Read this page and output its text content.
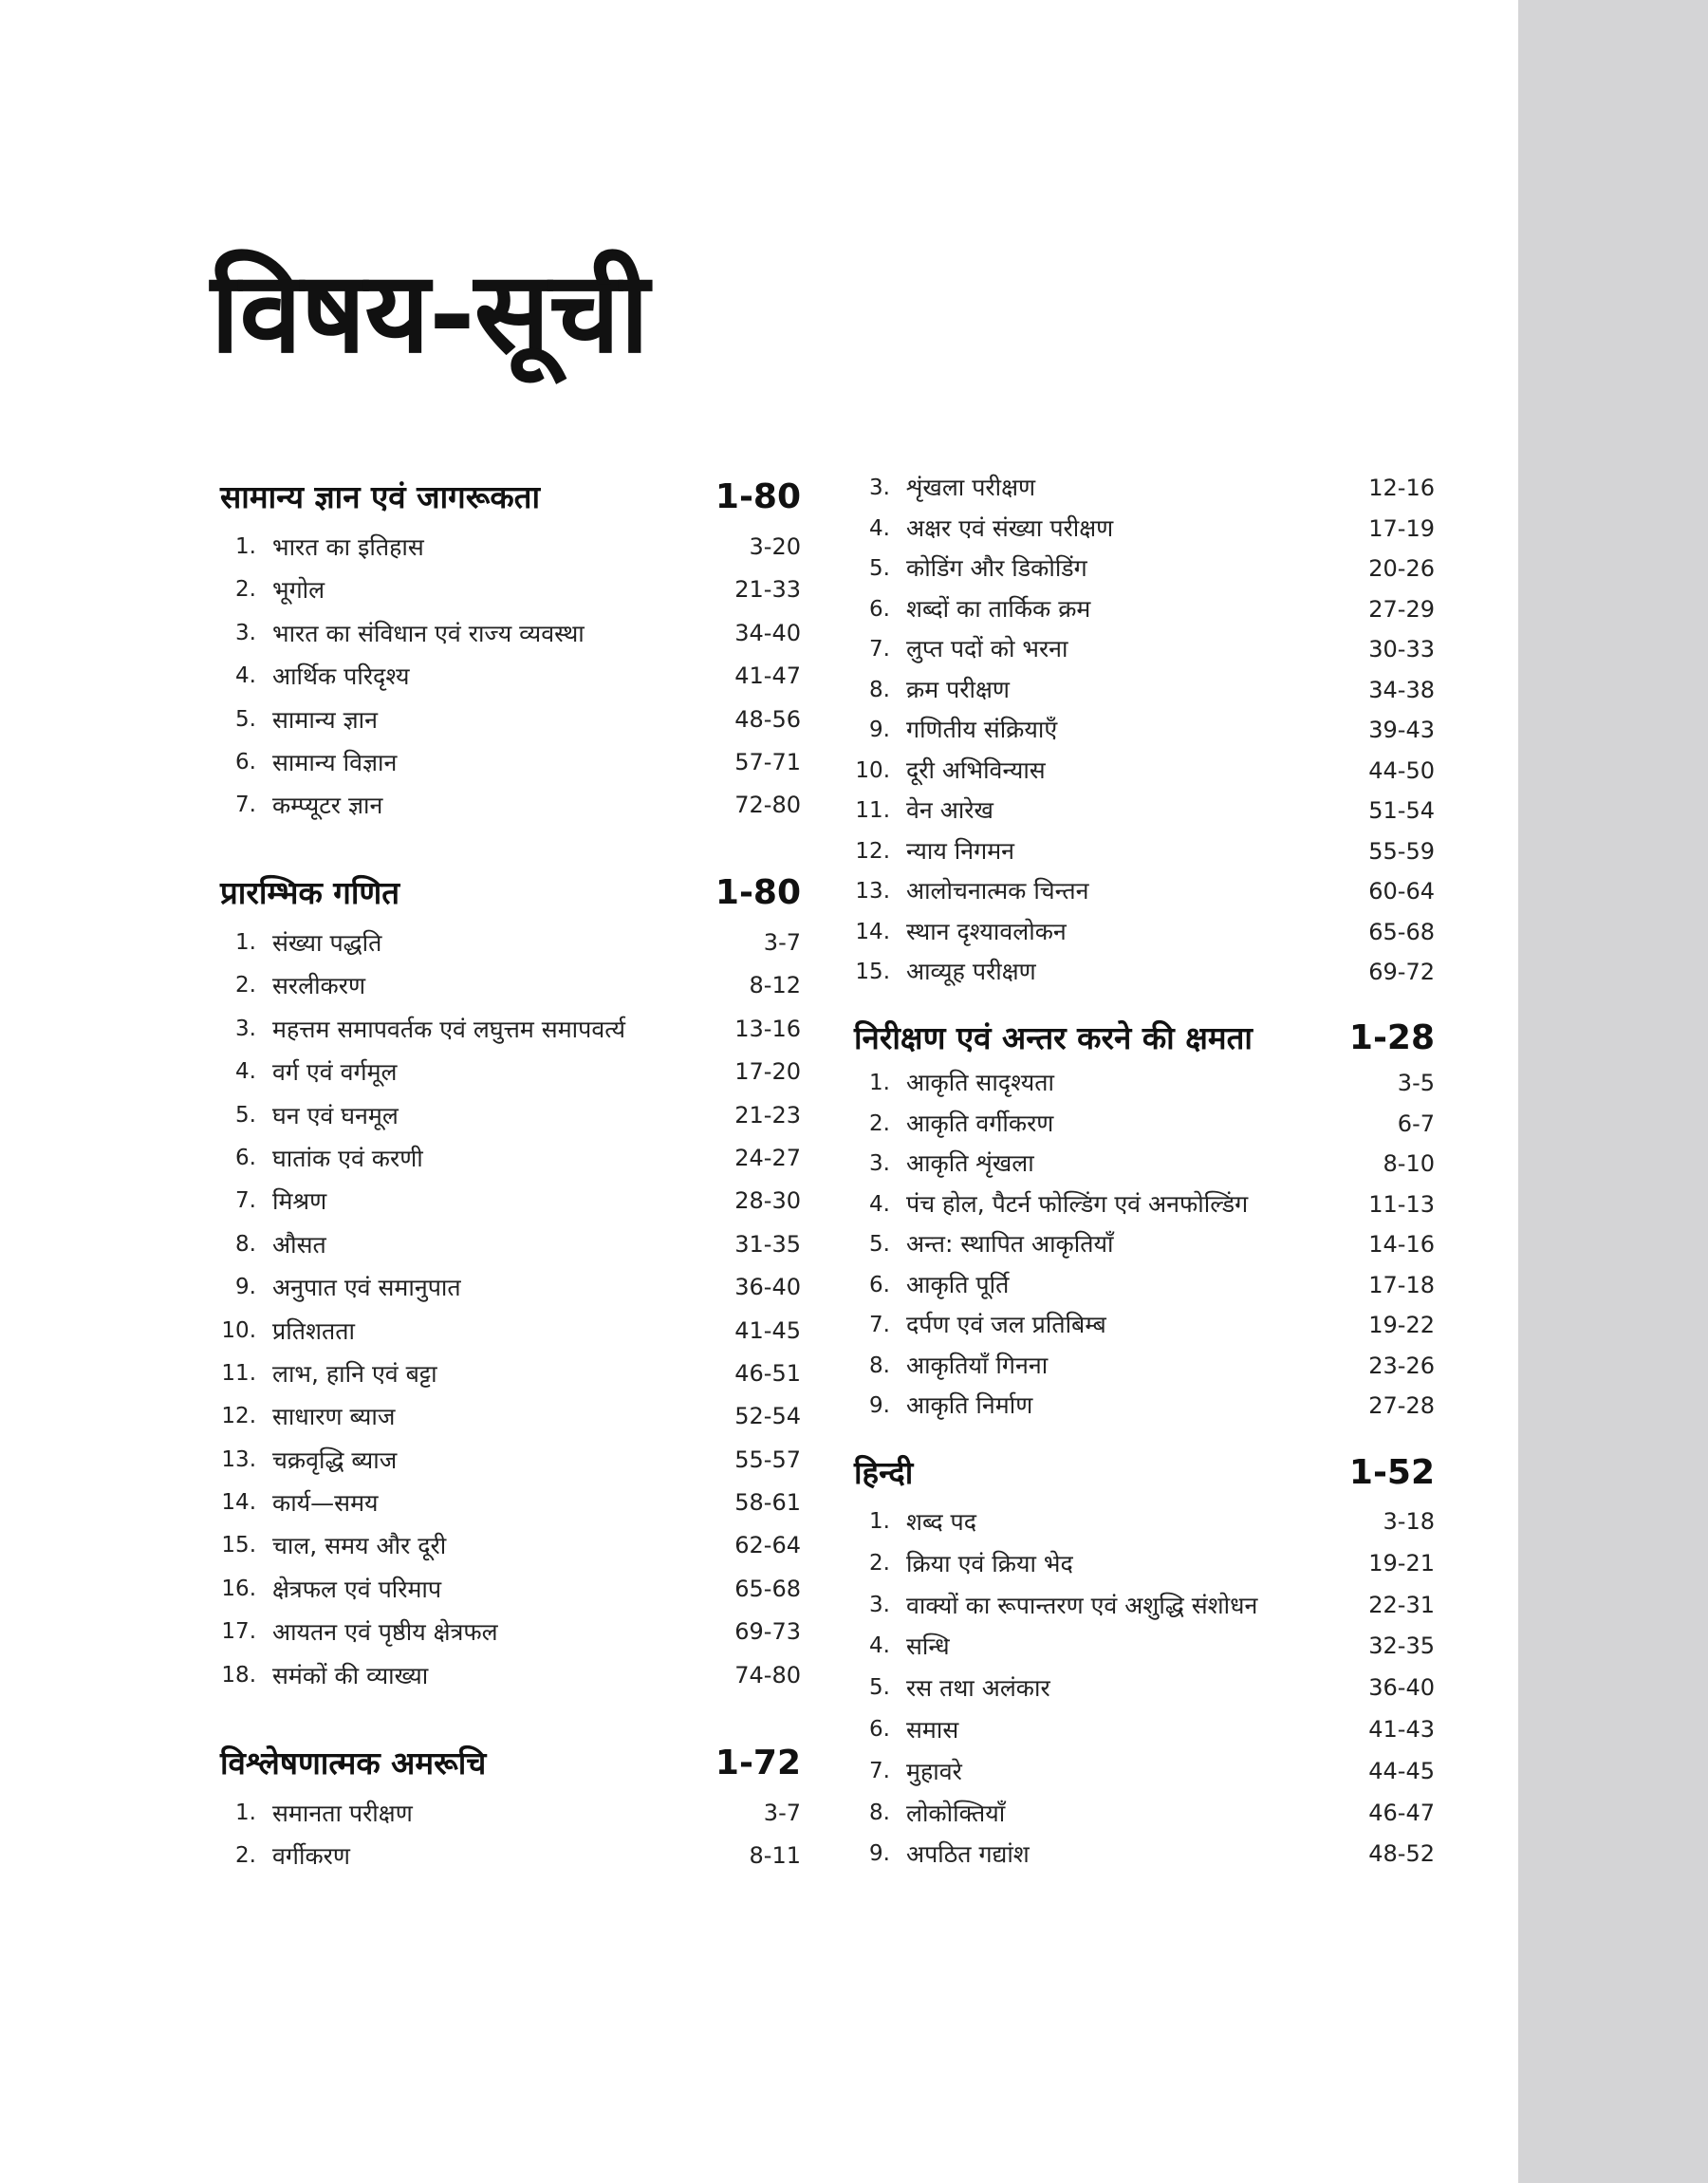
विषय-सूची
सामान्य ज्ञान एवं जागरूकता	1-80
1. भारत का इतिहास	3-20
2. भूगोल	21-33
3. भारत का संविधान एवं राज्य व्यवस्था	34-40
4. आर्थिक परिदृश्य	41-47
5. सामान्य ज्ञान	48-56
6. सामान्य विज्ञान	57-71
7. कम्प्यूटर ज्ञान	72-80
प्रारम्भिक गणित	1-80
1. संख्या पद्धति	3-7
2. सरलीकरण	8-12
3. महत्तम समापवर्तक एवं लघुत्तम समापवर्त्य	13-16
4. वर्ग एवं वर्गमूल	17-20
5. घन एवं घनमूल	21-23
6. घातांक एवं करणी	24-27
7. मिश्रण	28-30
8. औसत	31-35
9. अनुपात एवं समानुपात	36-40
10. प्रतिशतता	41-45
11. लाभ, हानि एवं बट्टा	46-51
12. साधारण ब्याज	52-54
13. चक्रवृद्धि ब्याज	55-57
14. कार्य—समय	58-61
15. चाल, समय और दूरी	62-64
16. क्षेत्रफल एवं परिमाप	65-68
17. आयतन एवं पृष्ठीय क्षेत्रफल	69-73
18. समंकों की व्याख्या	74-80
विश्लेषणात्मक अमरूचि	1-72
1. समानता परीक्षण	3-7
2. वर्गीकरण	8-11
3. शृंखला परीक्षण	12-16
4. अक्षर एवं संख्या परीक्षण	17-19
5. कोडिंग और डिकोडिंग	20-26
6. शब्दों का तार्किक क्रम	27-29
7. लुप्त पदों को भरना	30-33
8. क्रम परीक्षण	34-38
9. गणितीय संक्रियाएँ	39-43
10. दूरी अभिविन्यास	44-50
11. वेन आरेख	51-54
12. न्याय निगमन	55-59
13. आलोचनात्मक चिन्तन	60-64
14. स्थान दृश्यावलोकन	65-68
15. आव्यूह परीक्षण	69-72
निरीक्षण एवं अन्तर करने की क्षमता	1-28
1. आकृति सादृश्यता	3-5
2. आकृति वर्गीकरण	6-7
3. आकृति शृंखला	8-10
4. पंच होल, पैटर्न फोल्डिंग एवं अनफोल्डिंग	11-13
5. अन्त: स्थापित आकृतियाँ	14-16
6. आकृति पूर्ति	17-18
7. दर्पण एवं जल प्रतिबिम्ब	19-22
8. आकृतियाँ गिनना	23-26
9. आकृति निर्माण	27-28
हिन्दी	1-52
1. शब्द पद	3-18
2. क्रिया एवं क्रिया भेद	19-21
3. वाक्यों का रूपान्तरण एवं अशुद्धि संशोधन	22-31
4. सन्धि	32-35
5. रस तथा अलंकार	36-40
6. समास	41-43
7. मुहावरे	44-45
8. लोकोक्तियाँ	46-47
9. अपठित गद्यांश	48-52
